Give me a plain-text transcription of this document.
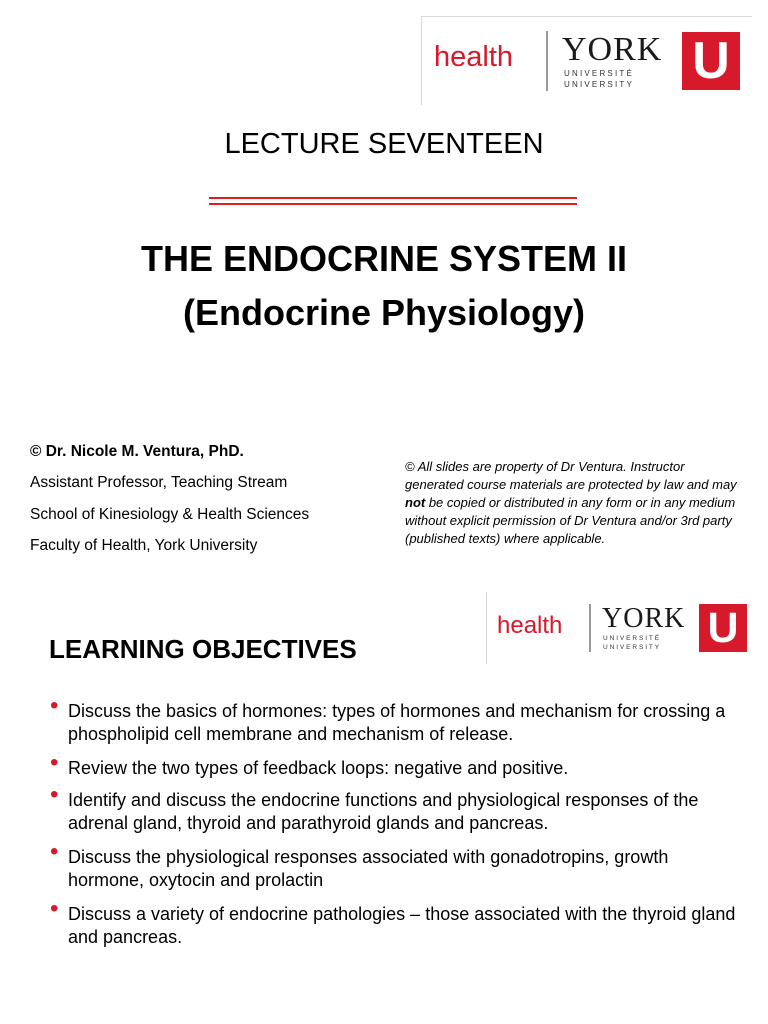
health YORK
UNIVERSITÉ
UNIVERSITY U
LECTURE SEVENTEEN
THE ENDOCRINE SYSTEM II
(Endocrine Physiology)
© Dr. Nicole M. Ventura, PhD.
Assistant Professor, Teaching Stream
School of Kinesiology & Health Sciences
Faculty of Health, York University
© All slides are property of Dr Ventura. Instructor generated course materials are protected by law and may not be copied or distributed in any form or in any medium without explicit permission of Dr Ventura and/or 3rd party (published texts) where applicable.
health YORK
UNIVERSITÉ
UNIVERSITY U
LEARNING OBJECTIVES
• Discuss the basics of hormones: types of hormones and mechanism for crossing a phospholipid cell membrane and mechanism of release.
• Review the two types of feedback loops: negative and positive.
• Identify and discuss the endocrine functions and physiological responses of the adrenal gland, thyroid and parathyroid glands and pancreas.
• Discuss the physiological responses associated with gonadotropins, growth hormone, oxytocin and prolactin
• Discuss a variety of endocrine pathologies – those associated with the thyroid gland and pancreas.
